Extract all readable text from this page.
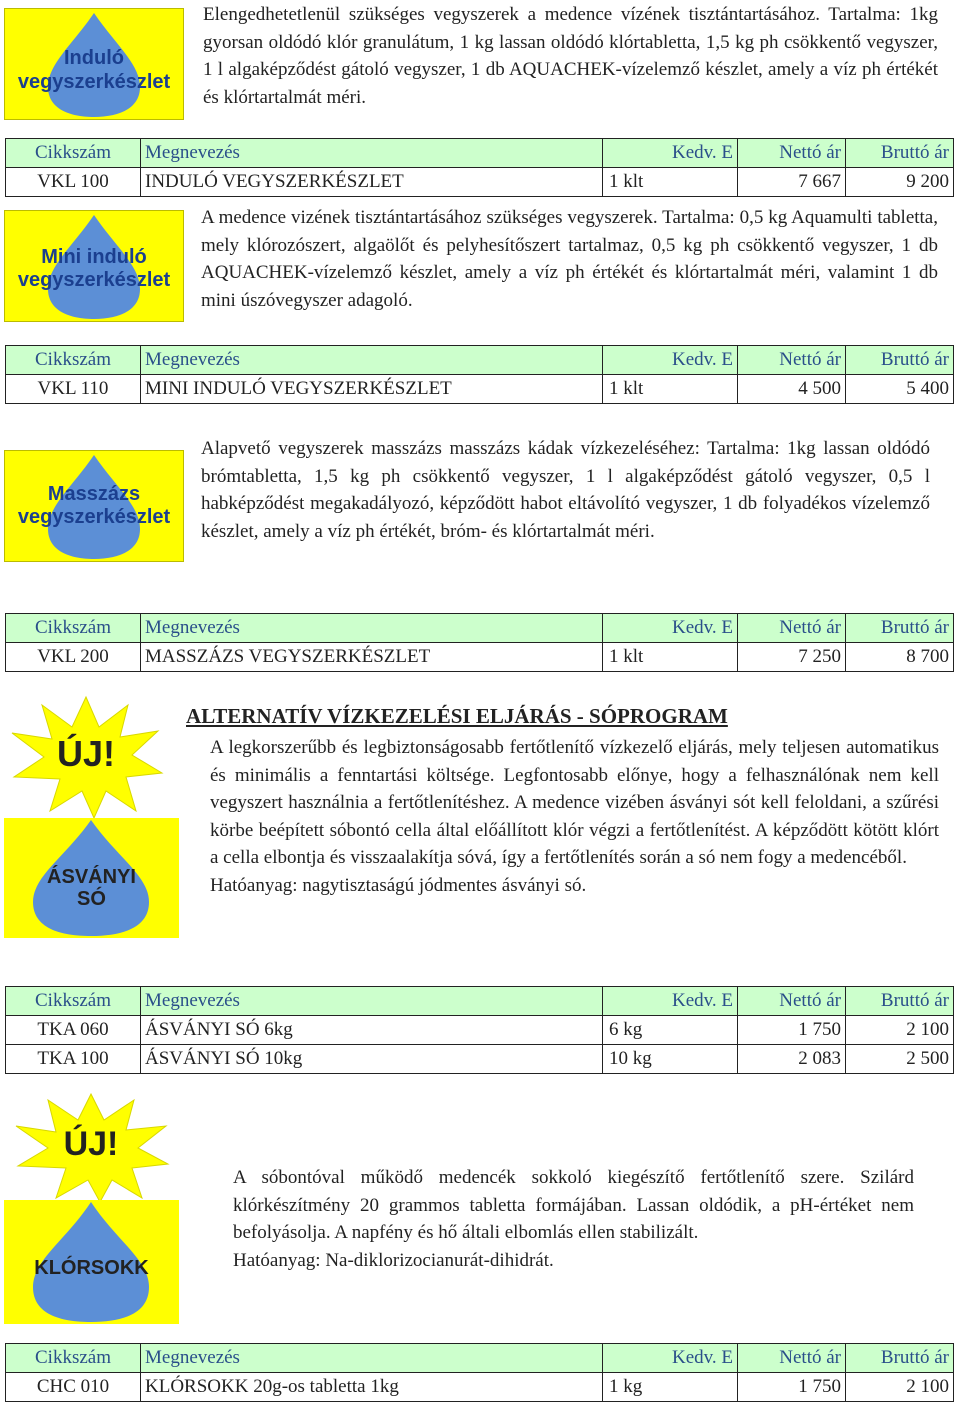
Induló
vegyszerkészlet

Elengedhetetlenül szükséges vegyszerek a medence vízének tisztántartásához. Tartalma: 1kg gyorsan oldódó klór granulátum, 1 kg lassan oldódó klórtabletta, 1,5 kg ph csökkentő vegyszer, 1 l algaképződést gátoló vegyszer, 1 db AQUACHEK-vízelemző készlet, amely a víz ph értékét és klórtartalmát méri.

Cikkszám	Megnevezés	Kedv. E	Nettó ár	Bruttó ár
VKL 100	INDULÓ VEGYSZERKÉSZLET	1 klt	7 667	9 200
Mini induló
vegyszerkészlet

A medence vizének tisztántartásához szükséges vegyszerek. Tartalma: 0,5 kg Aquamulti tabletta, mely klórozószert, algaölőt és pelyhesítőszert tartalmaz, 0,5 kg ph csökkentő vegyszer, 1 db AQUACHEK-vízelemző készlet, amely a víz ph értékét és klórtartalmát méri, valamint 1 db mini úszóvegyszer adagoló.

Cikkszám	Megnevezés	Kedv. E	Nettó ár	Bruttó ár
VKL 110	MINI INDULÓ VEGYSZERKÉSZLET	1 klt	4 500	5 400
Masszázs
vegyszerkészlet

Alapvető vegyszerek masszázs masszázs kádak vízkezeléséhez: Tartalma: 1kg lassan oldódó brómtabletta, 1,5 kg ph csökkentő vegyszer, 1 l algaképződést gátoló vegyszer, 0,5 l habképződést megakadályozó, képződött habot eltávolító vegyszer, 1 db folyadékos vízelemző készlet, amely a víz ph értékét, bróm- és klórtartalmát méri.

Cikkszám	Megnevezés	Kedv. E	Nettó ár	Bruttó ár
VKL 200	MASSZÁZS VEGYSZERKÉSZLET	1 klt	7 250	8 700
ÚJ!
ÁSVÁNYI
SÓ
ALTERNATÍV VÍZKEZELÉSI ELJÁRÁS - SÓPROGRAM

A legkorszerűbb és legbiztonságosabb fertőtlenítő vízkezelő eljárás, mely teljesen automatikus és minimális a fenntartási költsége. Legfontosabb előnye, hogy a felhasználónak nem kell vegyszert használnia a fertőtlenítéshez. A medence vizében ásványi sót kell feloldani, a szűrési körbe beépített sóbontó cella által előállított klór végzi a fertőtlenítést. A képződött kötött klórt a cella elbontja és visszaalakítja sóvá, így a fertőtlenítés során a só nem fogy a medencéből.

Hatóanyag: nagytisztaságú jódmentes ásványi só.

Cikkszám	Megnevezés	Kedv. E	Nettó ár	Bruttó ár
TKA 060	ÁSVÁNYI SÓ 6kg	6 kg	1 750	2 100
TKA 100	ÁSVÁNYI SÓ 10kg	10 kg	2 083	2 500
ÚJ!
KLÓRSOKK

A sóbontóval működő medencék sokkoló kiegészítő fertőtlenítő szere. Szilárd klórkészítmény 20 grammos tabletta formájában. Lassan oldódik, a pH-értéket nem befolyásolja. A napfény és hő általi elbomlás ellen stabilizált.

Hatóanyag: Na-diklorizocianurát-dihidrát.

Cikkszám	Megnevezés	Kedv. E	Nettó ár	Bruttó ár
CHC 010	KLÓRSOKK 20g-os tabletta 1kg	1 kg	1 750	2 100
